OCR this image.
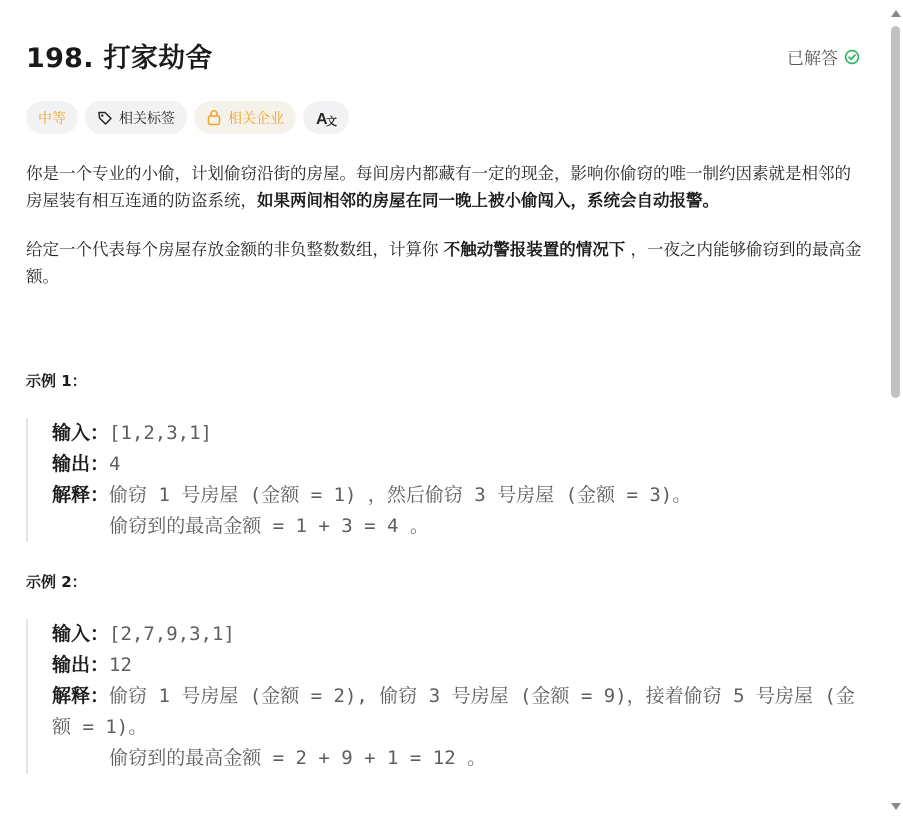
198. 打家劫舍	已解答
中等	相关标签	相关企业 A
文

你是一个专业的小偷，计划偷窃沿街的房屋。每间房内都藏有一定的现金，影响你偷窃的唯一制约因素就是相邻的房屋装有相互连通的防盗系统，如果两间相邻的房屋在同一晚上被小偷闯入，系统会自动报警。

给定一个代表每个房屋存放金额的非负整数数组，计算你 不触动警报装置的情况下 ，一夜之内能够偷窃到的最高金额。

示例 1：
输入：[1,2,3,1]
输出：4
解释：偷窃 1 号房屋 (金额 = 1) ，然后偷窃 3 号房屋 (金额 = 3)。
偷窃到的最高金额 = 1 + 3 = 4 。
示例 2：
输入：[2,7,9,3,1]
输出：12
解释：偷窃 1 号房屋 (金额 = 2), 偷窃 3 号房屋 (金额 = 9)，接着偷窃 5 号房屋 (金额 = 1)。
偷窃到的最高金额 = 2 + 9 + 1 = 12 。
